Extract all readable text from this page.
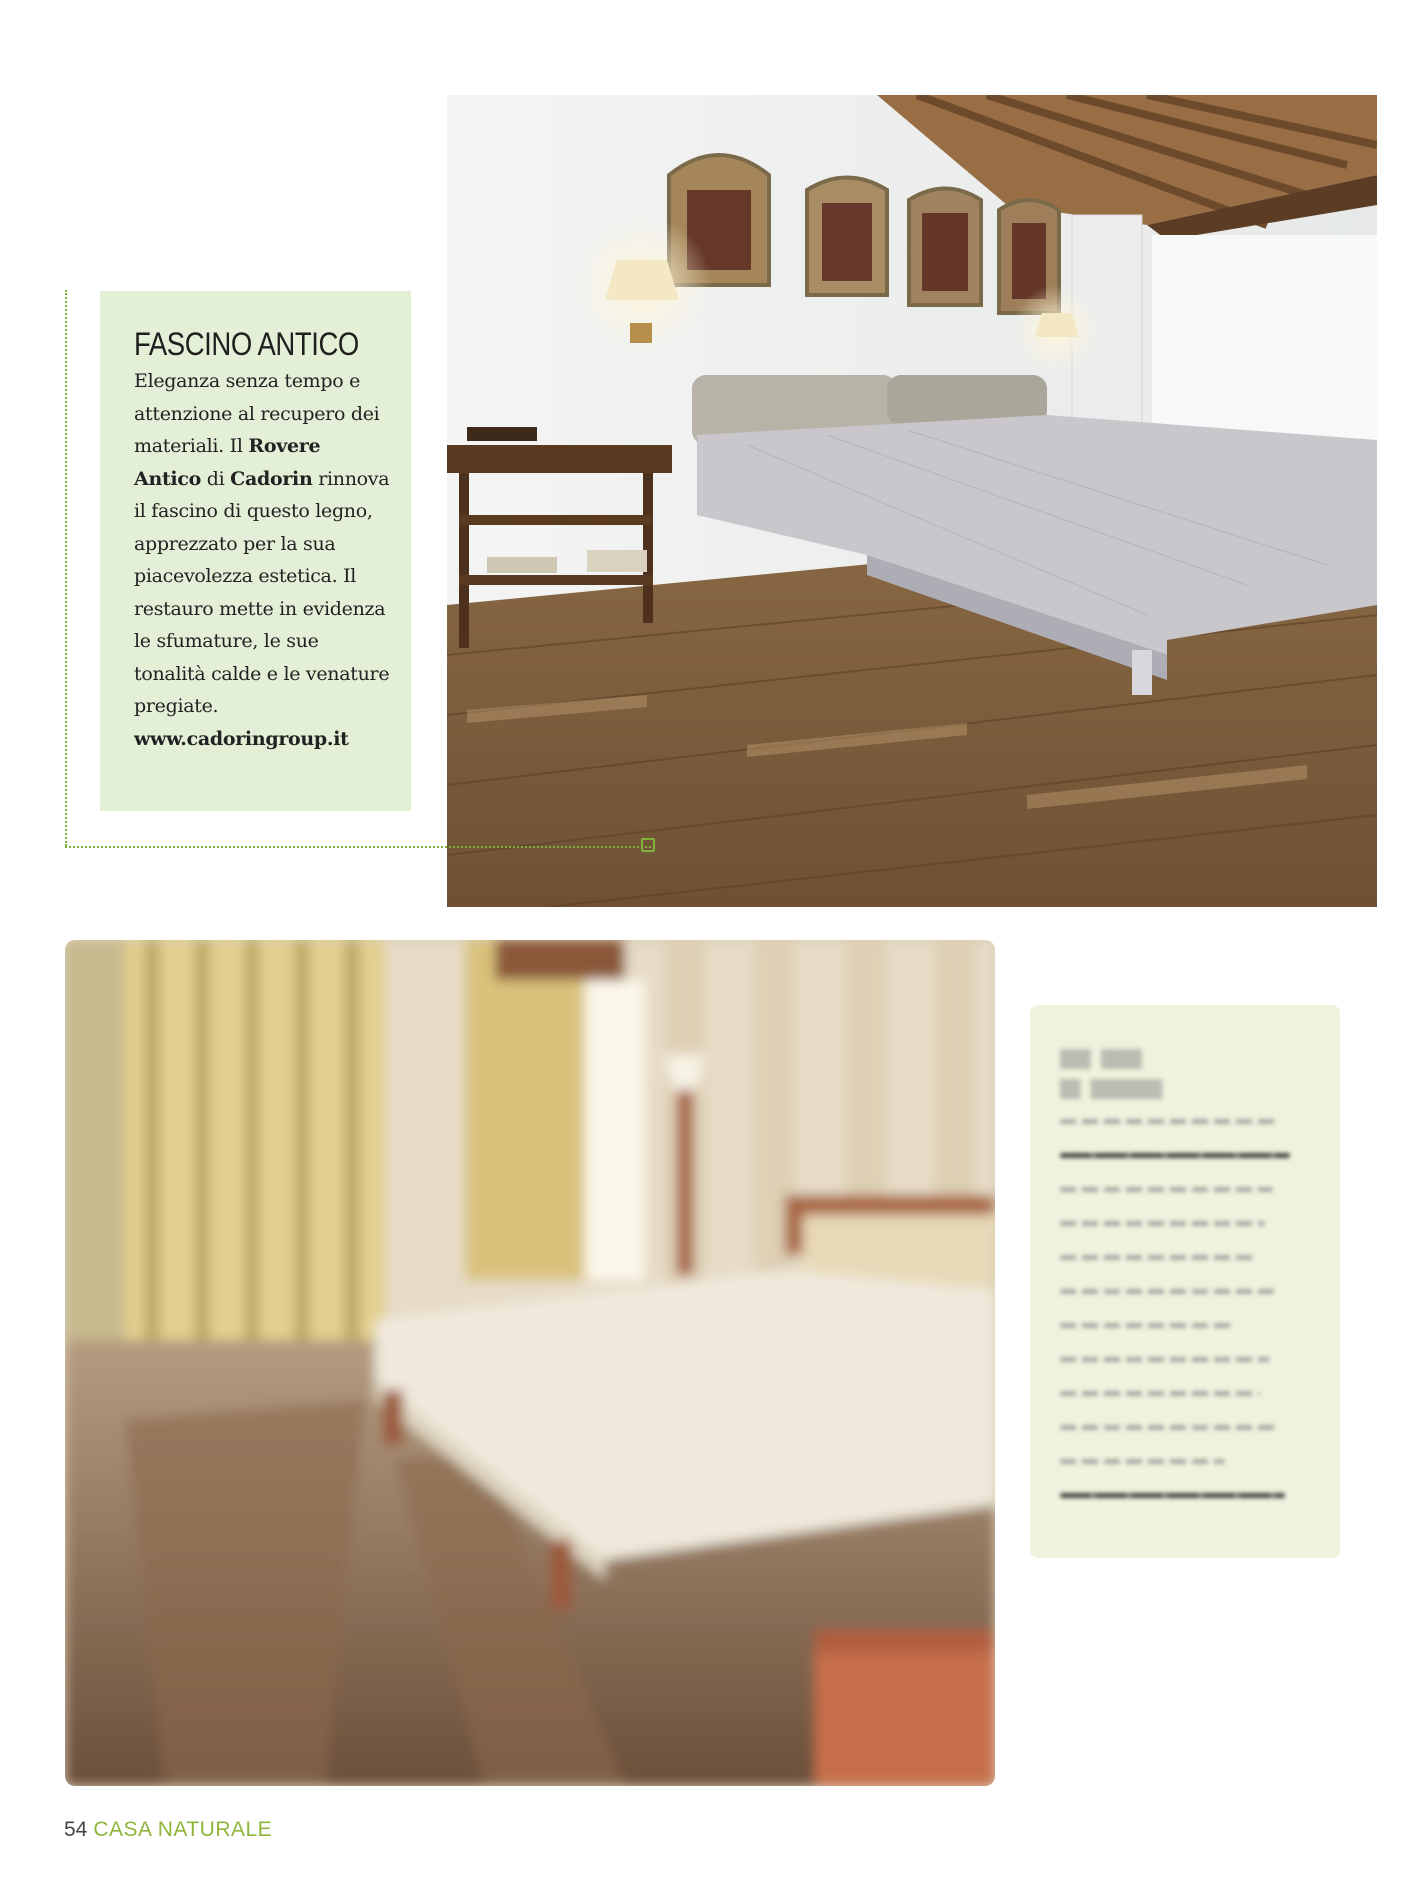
FASCINO ANTICO
Eleganza senza tempo e attenzione al recupero dei materiali. Il Rovere Antico di Cadorin rinnova il fascino di questo legno, apprezzato per la sua piacevolezza estetica. Il restauro mette in evidenza le sfumature, le sue tonalità calde e le venature pregiate.
www.cadoringroup.it
▒▒▒ ▒▒▒▒
▒▒ ▒▒▒▒▒▒▒
54 CASA NATURALE
